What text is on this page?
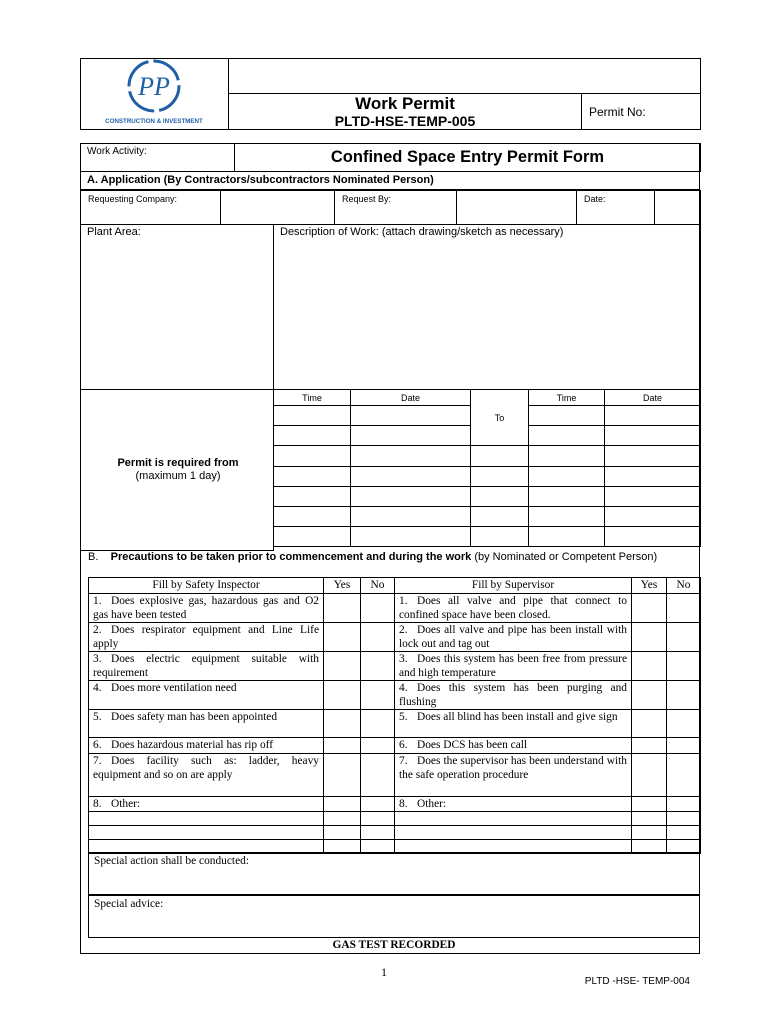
PP
CONSTRUCTION & INVESTMENT		

	Work Permit
PLTD-HSE-TEMP-005	Permit No:
Work Activity:	Confined Space Entry Permit Form
A. Application (By Contractors/subcontractors Nominated Person)
Requesting Company:		Request By:		Date:	
Plant Area:	Description of Work: (attach drawing/sketch as necessary)
Permit is required from
(maximum 1 day)
Time	Date	To	Time	Date

B. Precautions to be taken prior to commencement and during the work (by Nominated or Competent Person)
Fill by Safety Inspector	Yes	No	Fill by Supervisor	Yes	No
1. Does explosive gas, hazardous gas and O2 gas have been tested			1. Does all valve and pipe that connect to confined space have been closed.		
2. Does respirator equipment and Line Life apply			2. Does all valve and pipe has been install with lock out and tag out		
3. Does electric equipment suitable with requirement			3. Does this system has been free from pressure and high temperature		
4. Does more ventilation need			4. Does this system has been purging and flushing		
5. Does safety man has been appointed			5. Does all blind has been install and give sign		
6. Does hazardous material has rip off			6. Does DCS has been call		
7. Does facility such as: ladder, heavy equipment and so on are apply			7. Does the supervisor has been understand with the safe operation procedure		
8. Other:			8. Other:		

Special action shall be conducted:
Special advice:
GAS TEST RECORDED
1
PLTD -HSE- TEMP-004
